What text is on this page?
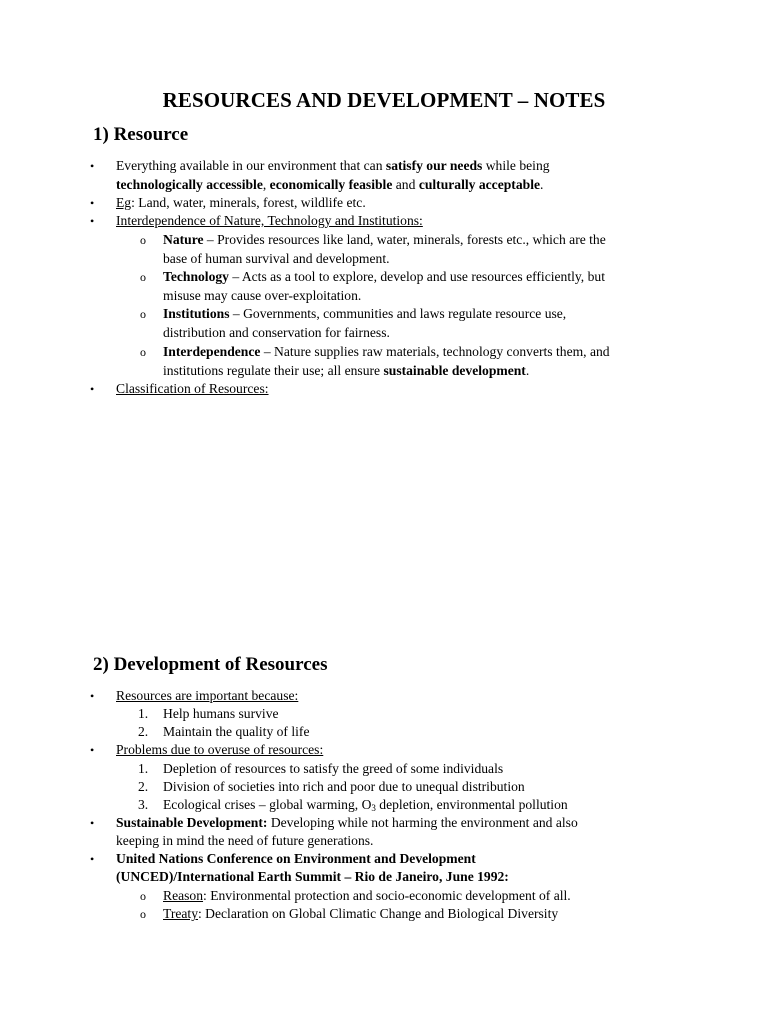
RESOURCES AND DEVELOPMENT – NOTES
1) Resource
• Everything available in our environment that can satisfy our needs while being
technologically accessible, economically feasible and culturally acceptable.
• Eg: Land, water, minerals, forest, wildlife etc.
• Interdependence of Nature, Technology and Institutions:
o Nature – Provides resources like land, water, minerals, forests etc., which are the
base of human survival and development.
o Technology – Acts as a tool to explore, develop and use resources efficiently, but
misuse may cause over-exploitation.
o Institutions – Governments, communities and laws regulate resource use,
distribution and conservation for fairness.
o Interdependence – Nature supplies raw materials, technology converts them, and
institutions regulate their use; all ensure sustainable development.
• Classification of Resources:
2) Development of Resources
• Resources are important because:
1. Help humans survive
2. Maintain the quality of life
• Problems due to overuse of resources:
1. Depletion of resources to satisfy the greed of some individuals
2. Division of societies into rich and poor due to unequal distribution
3. Ecological crises – global warming, $O_3$ depletion, environmental pollution
• Sustainable Development: Developing while not harming the environment and also
keeping in mind the need of future generations.
• United Nations Conference on Environment and Development
(UNCED)/International Earth Summit – Rio de Janeiro, June 1992:
o Reason: Environmental protection and socio-economic development of all.
o Treaty: Declaration on Global Climatic Change and Biological Diversity
